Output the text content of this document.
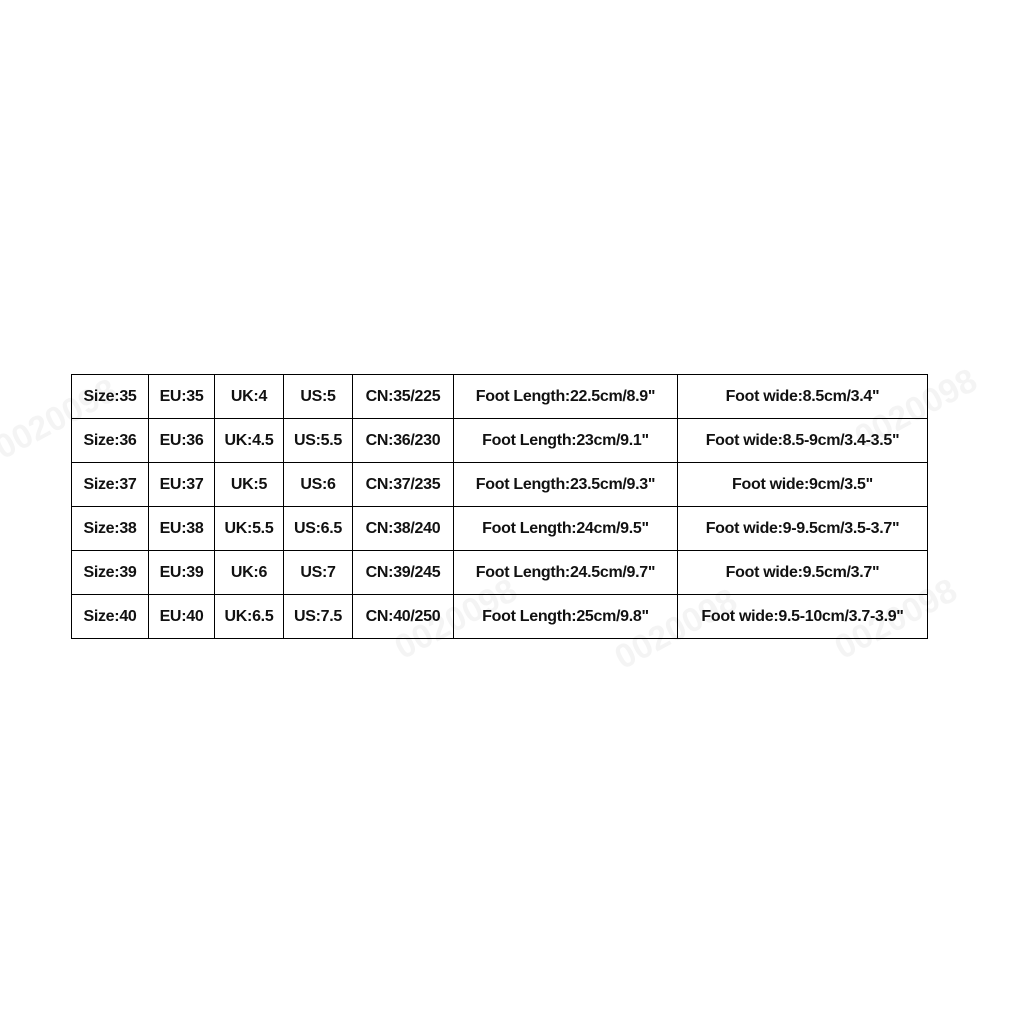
Size:35	EU:35	UK:4	US:5	CN:35/225	Foot Length:22.5cm/8.9"	Foot wide:8.5cm/3.4"
Size:36	EU:36	UK:4.5	US:5.5	CN:36/230	Foot Length:23cm/9.1"	Foot wide:8.5-9cm/3.4-3.5"
Size:37	EU:37	UK:5	US:6	CN:37/235	Foot Length:23.5cm/9.3"	Foot wide:9cm/3.5"
Size:38	EU:38	UK:5.5	US:6.5	CN:38/240	Foot Length:24cm/9.5"	Foot wide:9-9.5cm/3.5-3.7"
Size:39	EU:39	UK:6	US:7	CN:39/245	Foot Length:24.5cm/9.7"	Foot wide:9.5cm/3.7"
Size:40	EU:40	UK:6.5	US:7.5	CN:40/250	Foot Length:25cm/9.8"	Foot wide:9.5-10cm/3.7-3.9"
